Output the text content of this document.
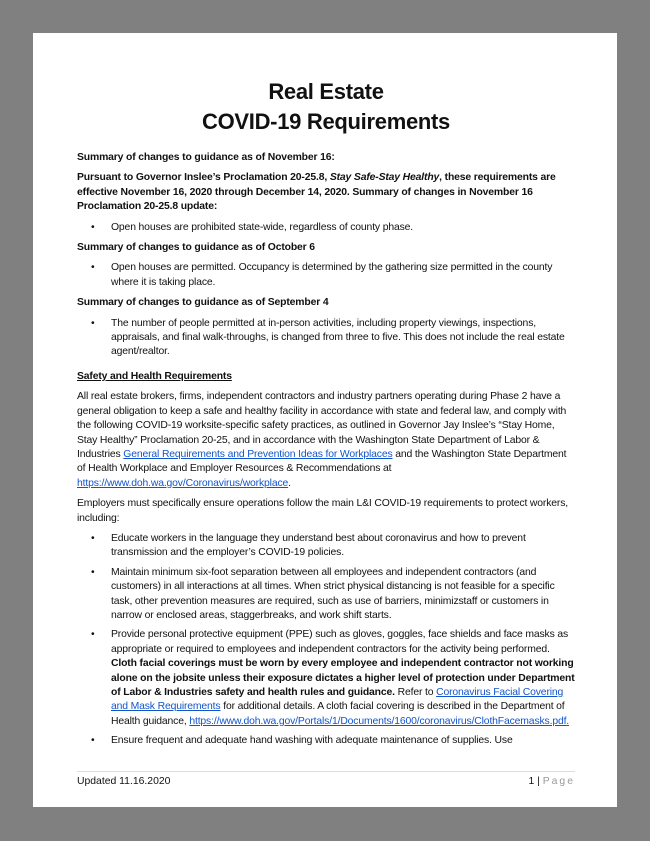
Real Estate
COVID-19 Requirements

Summary of changes to guidance as of November 16:

Pursuant to Governor Inslee’s Proclamation 20-25.8, Stay Safe-Stay Healthy, these requirements are effective November 16, 2020 through December 14, 2020. Summary of changes in November 16 Proclamation 20-25.8 update:

• Open houses are prohibited state-wide, regardless of county phase.

Summary of changes to guidance as of October 6

• Open houses are permitted. Occupancy is determined by the gathering size permitted in the county where it is taking place.

Summary of changes to guidance as of September 4

• The number of people permitted at in-person activities, including property viewings, inspections, appraisals, and final walk-throughs, is changed from three to five. This does not include the real estate agent/realtor.

Safety and Health Requirements

All real estate brokers, firms, independent contractors and industry partners operating during Phase 2 have a general obligation to keep a safe and healthy facility in accordance with state and federal law, and comply with the following COVID-19 worksite-specific safety practices, as outlined in Governor Jay Inslee’s “Stay Home, Stay Healthy” Proclamation 20-25, and in accordance with the Washington State Department of Labor & Industries General Requirements and Prevention Ideas for Workplaces and the Washington State Department of Health Workplace and Employer Resources & Recommendations at https://www.doh.wa.gov/Coronavirus/workplace.

Employers must specifically ensure operations follow the main L&I COVID-19 requirements to protect workers, including:

• Educate workers in the language they understand best about coronavirus and how to prevent transmission and the employer’s COVID-19 policies.
• Maintain minimum six-foot separation between all employees and independent contractors (and customers) in all interactions at all times. When strict physical distancing is not feasible for a specific task, other prevention measures are required, such as use of barriers, minimizstaff or customers in narrow or enclosed areas, staggerbreaks, and work shift starts.
• Provide personal protective equipment (PPE) such as gloves, goggles, face shields and face masks as appropriate or required to employees and independent contractors for the activity being performed. Cloth facial coverings must be worn by every employee and independent contractor not working alone on the jobsite unless their exposure dictates a higher level of protection under Department of Labor & Industries safety and health rules and guidance. Refer to Coronavirus Facial Covering and Mask Requirements for additional details. A cloth facial covering is described in the Department of Health guidance, https://www.doh.wa.gov/Portals/1/Documents/1600/coronavirus/ClothFacemasks.pdf.
• Ensure frequent and adequate hand washing with adequate maintenance of supplies. Use
Updated 11.16.2020	1 | Page
